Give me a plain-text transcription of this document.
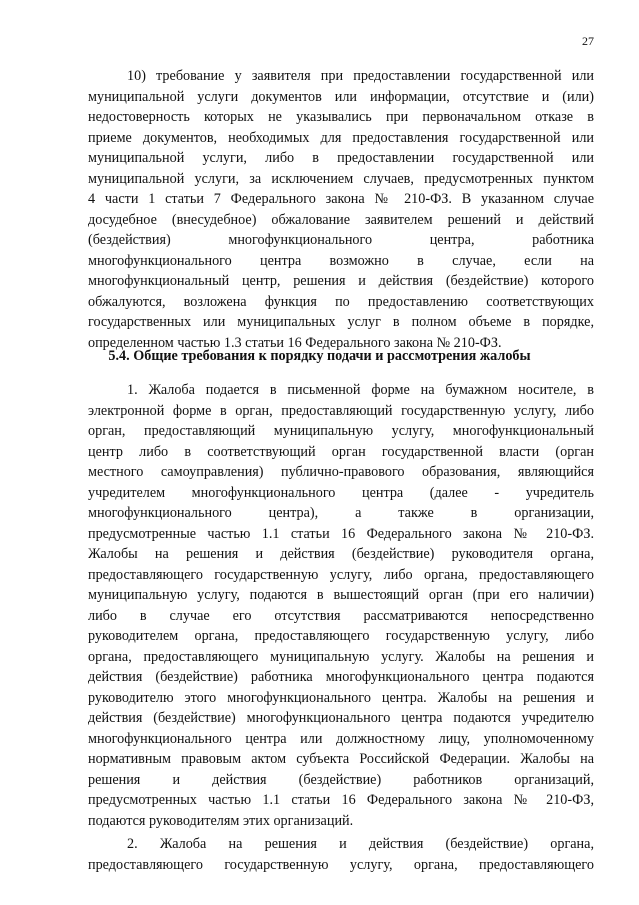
27
10) требование у заявителя при предоставлении государственной или
муниципальной услуги документов или информации, отсутствие и (или)
недостоверность которых не указывались при первоначальном отказе в
приеме документов, необходимых для предоставления государственной или
муниципальной услуги, либо в предоставлении государственной или
муниципальной услуги, за исключением случаев, предусмотренных пунктом
4 части 1 статьи 7 Федерального закона № 210-ФЗ. В указанном случае
досудебное (внесудебное) обжалование заявителем решений и действий
(бездействия) многофункционального центра, работника
многофункционального центра возможно в случае, если на
многофункциональный центр, решения и действия (бездействие) которого
обжалуются, возложена функция по предоставлению соответствующих
государственных или муниципальных услуг в полном объеме в порядке,
определенном частью 1.3 статьи 16 Федерального закона № 210-ФЗ.
5.4. Общие требования к порядку подачи и рассмотрения жалобы
1. Жалоба подается в письменной форме на бумажном носителе, в
электронной форме в орган, предоставляющий государственную услугу, либо
орган, предоставляющий муниципальную услугу, многофункциональный
центр либо в соответствующий орган государственной власти (орган
местного самоуправления) публично-правового образования, являющийся
учредителем многофункционального центра (далее - учредитель
многофункционального центра), а также в организации,
предусмотренные частью 1.1 статьи 16 Федерального закона № 210-ФЗ.
Жалобы на решения и действия (бездействие) руководителя органа,
предоставляющего государственную услугу, либо органа, предоставляющего
муниципальную услугу, подаются в вышестоящий орган (при его наличии)
либо в случае его отсутствия рассматриваются непосредственно
руководителем органа, предоставляющего государственную услугу, либо
органа, предоставляющего муниципальную услугу. Жалобы на решения и
действия (бездействие) работника многофункционального центра подаются
руководителю этого многофункционального центра. Жалобы на решения и
действия (бездействие) многофункционального центра подаются учредителю
многофункционального центра или должностному лицу, уполномоченному
нормативным правовым актом субъекта Российской Федерации. Жалобы на
решения и действия (бездействие) работников организаций,
предусмотренных частью 1.1 статьи 16 Федерального закона № 210-ФЗ,
подаются руководителям этих организаций.
2. Жалоба на решения и действия (бездействие) органа,
предоставляющего государственную услугу, органа, предоставляющего
